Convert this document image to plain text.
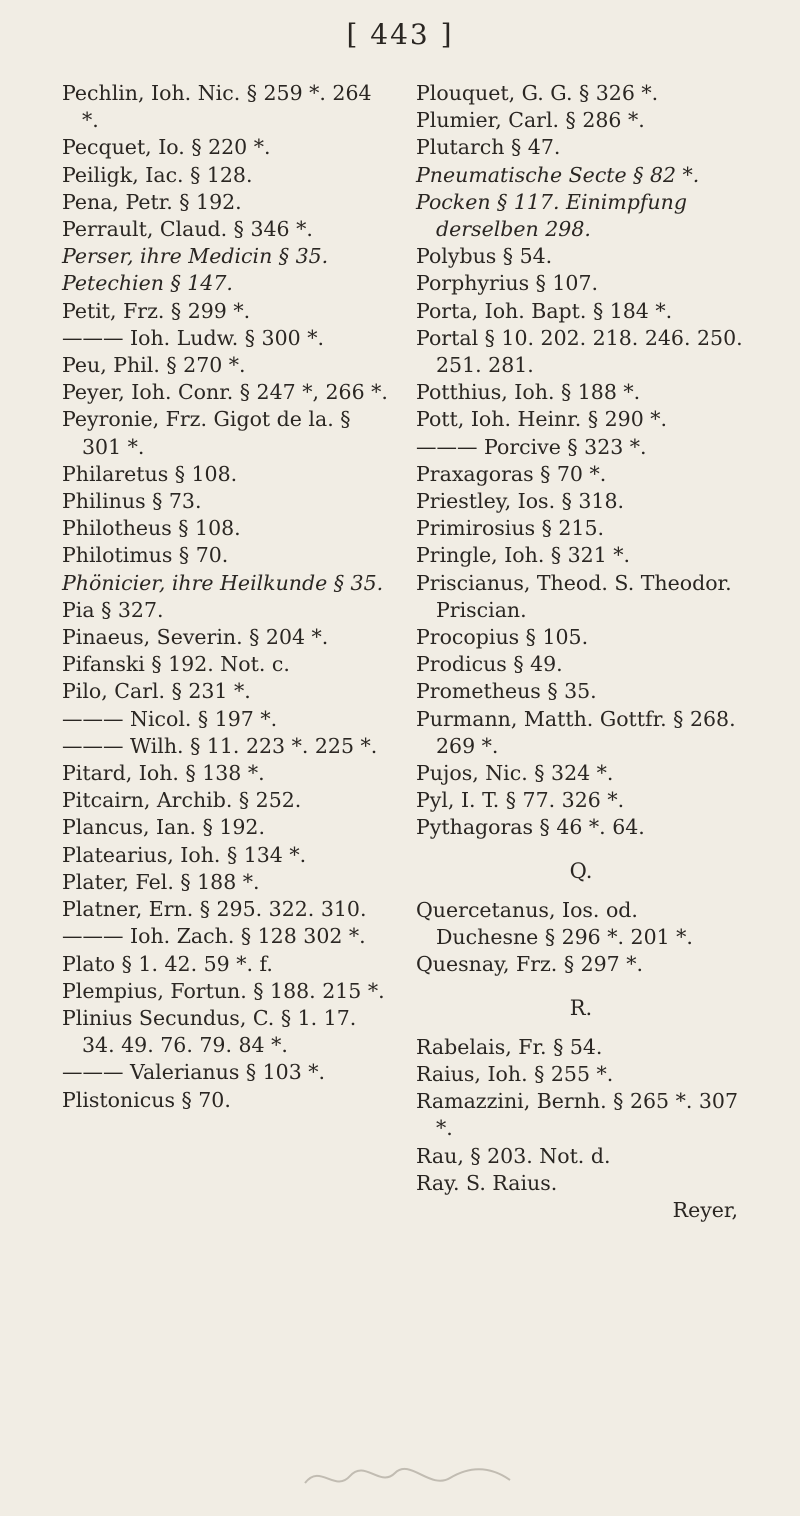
[ 443 ]
Pechlin, Ioh. Nic. § 259 *. 264 *.
Pecquet, Io. § 220 *.
Peiligk, Iac. § 128.
Pena, Petr. § 192.
Perrault, Claud. § 346 *.
Perser, ihre Medicin § 35.
Petechien § 147.
Petit, Frz. § 299 *.
——— Ioh. Ludw. § 300 *.
Peu, Phil. § 270 *.
Peyer, Ioh. Conr. § 247 *, 266 *.
Peyronie, Frz. Gigot de la. § 301 *.
Philaretus § 108.
Philinus § 73.
Philotheus § 108.
Philotimus § 70.
Phönicier, ihre Heilkunde § 35.
Pia § 327.
Pinaeus, Severin. § 204 *.
Pifanski § 192. Not. c.
Pilo, Carl. § 231 *.
——— Nicol. § 197 *.
——— Wilh. § 11. 223 *. 225 *.
Pitard, Ioh. § 138 *.
Pitcairn, Archib. § 252.
Plancus, Ian. § 192.
Platearius, Ioh. § 134 *.
Plater, Fel. § 188 *.
Platner, Ern. § 295. 322. 310.
——— Ioh. Zach. § 128 302 *.
Plato § 1. 42. 59 *. f.
Plempius, Fortun. § 188. 215 *.
Plinius Secundus, C. § 1. 17. 34. 49. 76. 79. 84 *.
——— Valerianus § 103 *.
Plistonicus § 70.
Plouquet, G. G. § 326 *.
Plumier, Carl. § 286 *.
Plutarch § 47.
Pneumatische Secte § 82 *.
Pocken § 117. Einimpfung derselben 298.
Polybus § 54.
Porphyrius § 107.
Porta, Ioh. Bapt. § 184 *.
Portal § 10. 202. 218. 246. 250. 251. 281.
Potthius, Ioh. § 188 *.
Pott, Ioh. Heinr. § 290 *.
——— Porcive § 323 *.
Praxagoras § 70 *.
Priestley, Ios. § 318.
Primirosius § 215.
Pringle, Ioh. § 321 *.
Priscianus, Theod. S. Theodor. Priscian.
Procopius § 105.
Prodicus § 49.
Prometheus § 35.
Purmann, Matth. Gottfr. § 268. 269 *.
Pujos, Nic. § 324 *.
Pyl, I. T. § 77. 326 *.
Pythagoras § 46 *. 64.
Q.
Quercetanus, Ios. od. Duchesne § 296 *. 201 *.
Quesnay, Frz. § 297 *.
R.
Rabelais, Fr. § 54.
Raius, Ioh. § 255 *.
Ramazzini, Bernh. § 265 *. 307 *.
Rau, § 203. Not. d.
Ray. S. Raius.
Reyer,
